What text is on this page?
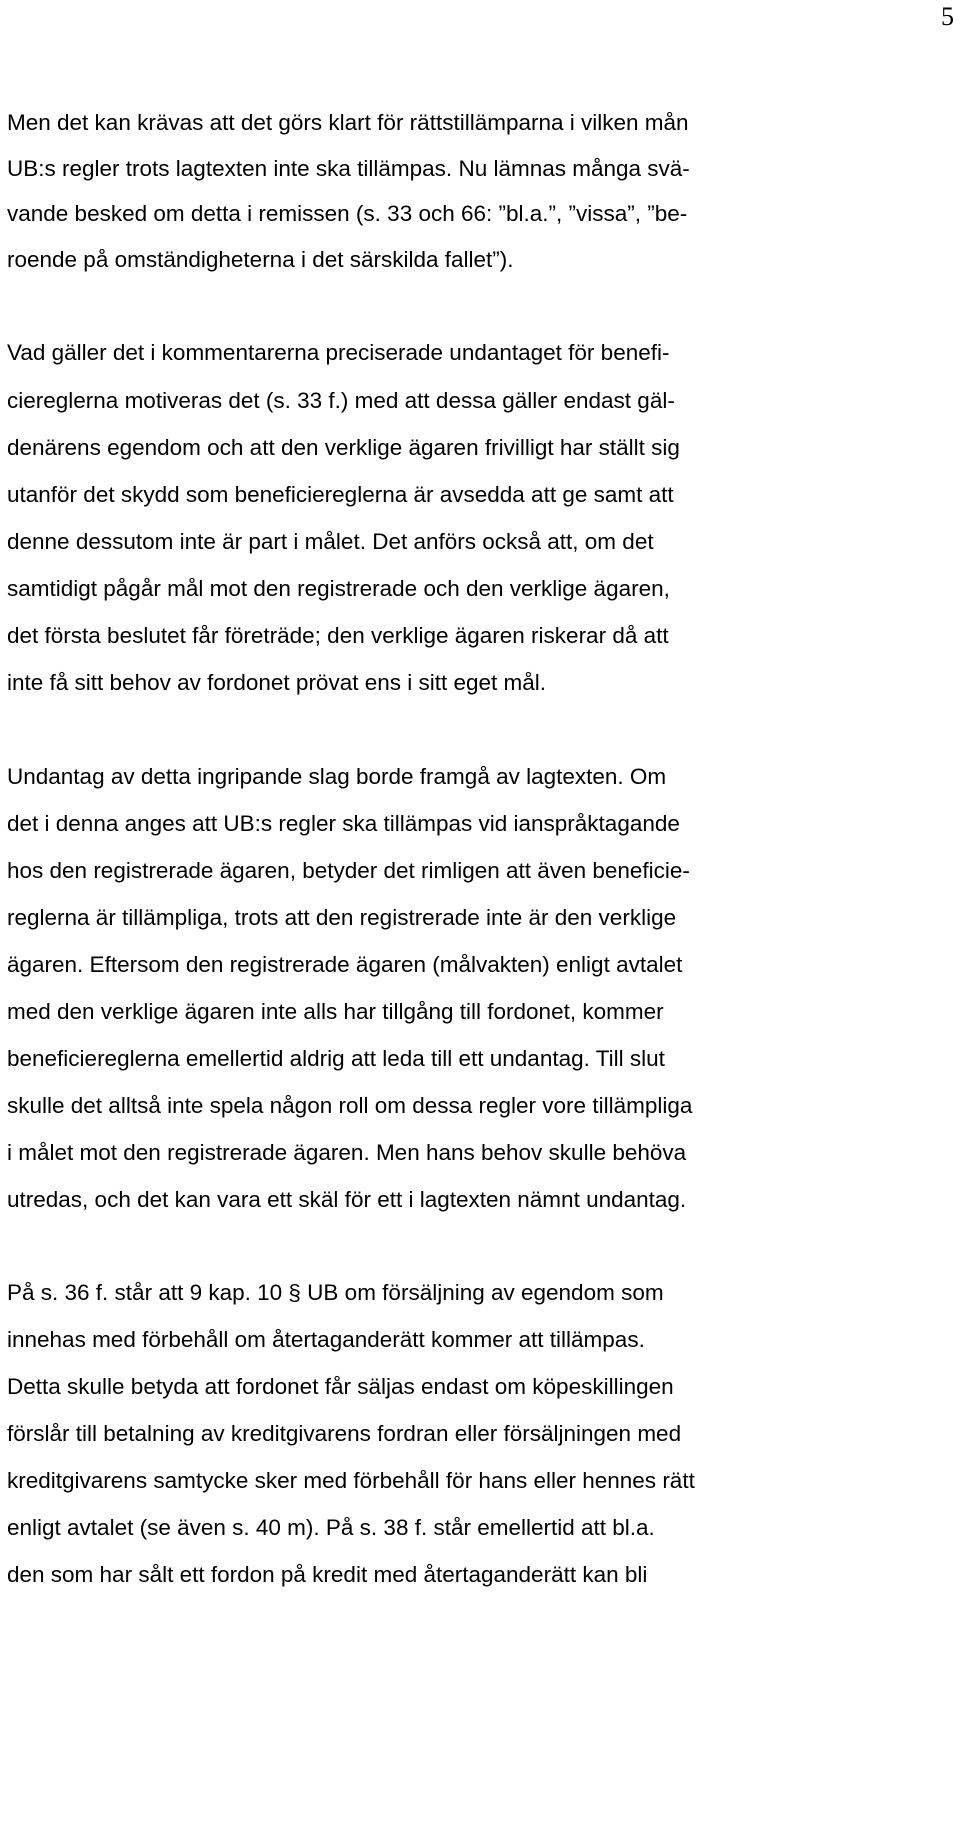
5

Men det kan krävas att det görs klart för rättstillämparna i vilken mån

UB:s regler trots lagtexten inte ska tillämpas. Nu lämnas många svä-

vande besked om detta i remissen (s. 33 och 66: ”bl.a.”, ”vissa”, ”be-

roende på omständigheterna i det särskilda fallet”).

Vad gäller det i kommentarerna preciserade undantaget för benefi-

ciereglerna motiveras det (s. 33 f.) med att dessa gäller endast gäl-

denärens egendom och att den verklige ägaren frivilligt har ställt sig

utanför det skydd som beneficiereglerna är avsedda att ge samt att

denne dessutom inte är part i målet. Det anförs också att, om det

samtidigt pågår mål mot den registrerade och den verklige ägaren,

det första beslutet får företräde; den verklige ägaren riskerar då att

inte få sitt behov av fordonet prövat ens i sitt eget mål.

Undantag av detta ingripande slag borde framgå av lagtexten. Om

det i denna anges att UB:s regler ska tillämpas vid ianspråktagande

hos den registrerade ägaren, betyder det rimligen att även beneficie-

reglerna är tillämpliga, trots att den registrerade inte är den verklige

ägaren. Eftersom den registrerade ägaren (målvakten) enligt avtalet

med den verklige ägaren inte alls har tillgång till fordonet, kommer

beneficiereglerna emellertid aldrig att leda till ett undantag. Till slut

skulle det alltså inte spela någon roll om dessa regler vore tillämpliga

i målet mot den registrerade ägaren. Men hans behov skulle behöva

utredas, och det kan vara ett skäl för ett i lagtexten nämnt undantag.

På s. 36 f. står att 9 kap. 10 § UB om försäljning av egendom som

innehas med förbehåll om återtaganderätt kommer att tillämpas.

Detta skulle betyda att fordonet får säljas endast om köpeskillingen

förslår till betalning av kreditgivarens fordran eller försäljningen med

kreditgivarens samtycke sker med förbehåll för hans eller hennes rätt

enligt avtalet (se även s. 40 m). På s. 38 f. står emellertid att bl.a.

den som har sålt ett fordon på kredit med återtaganderätt kan bli
